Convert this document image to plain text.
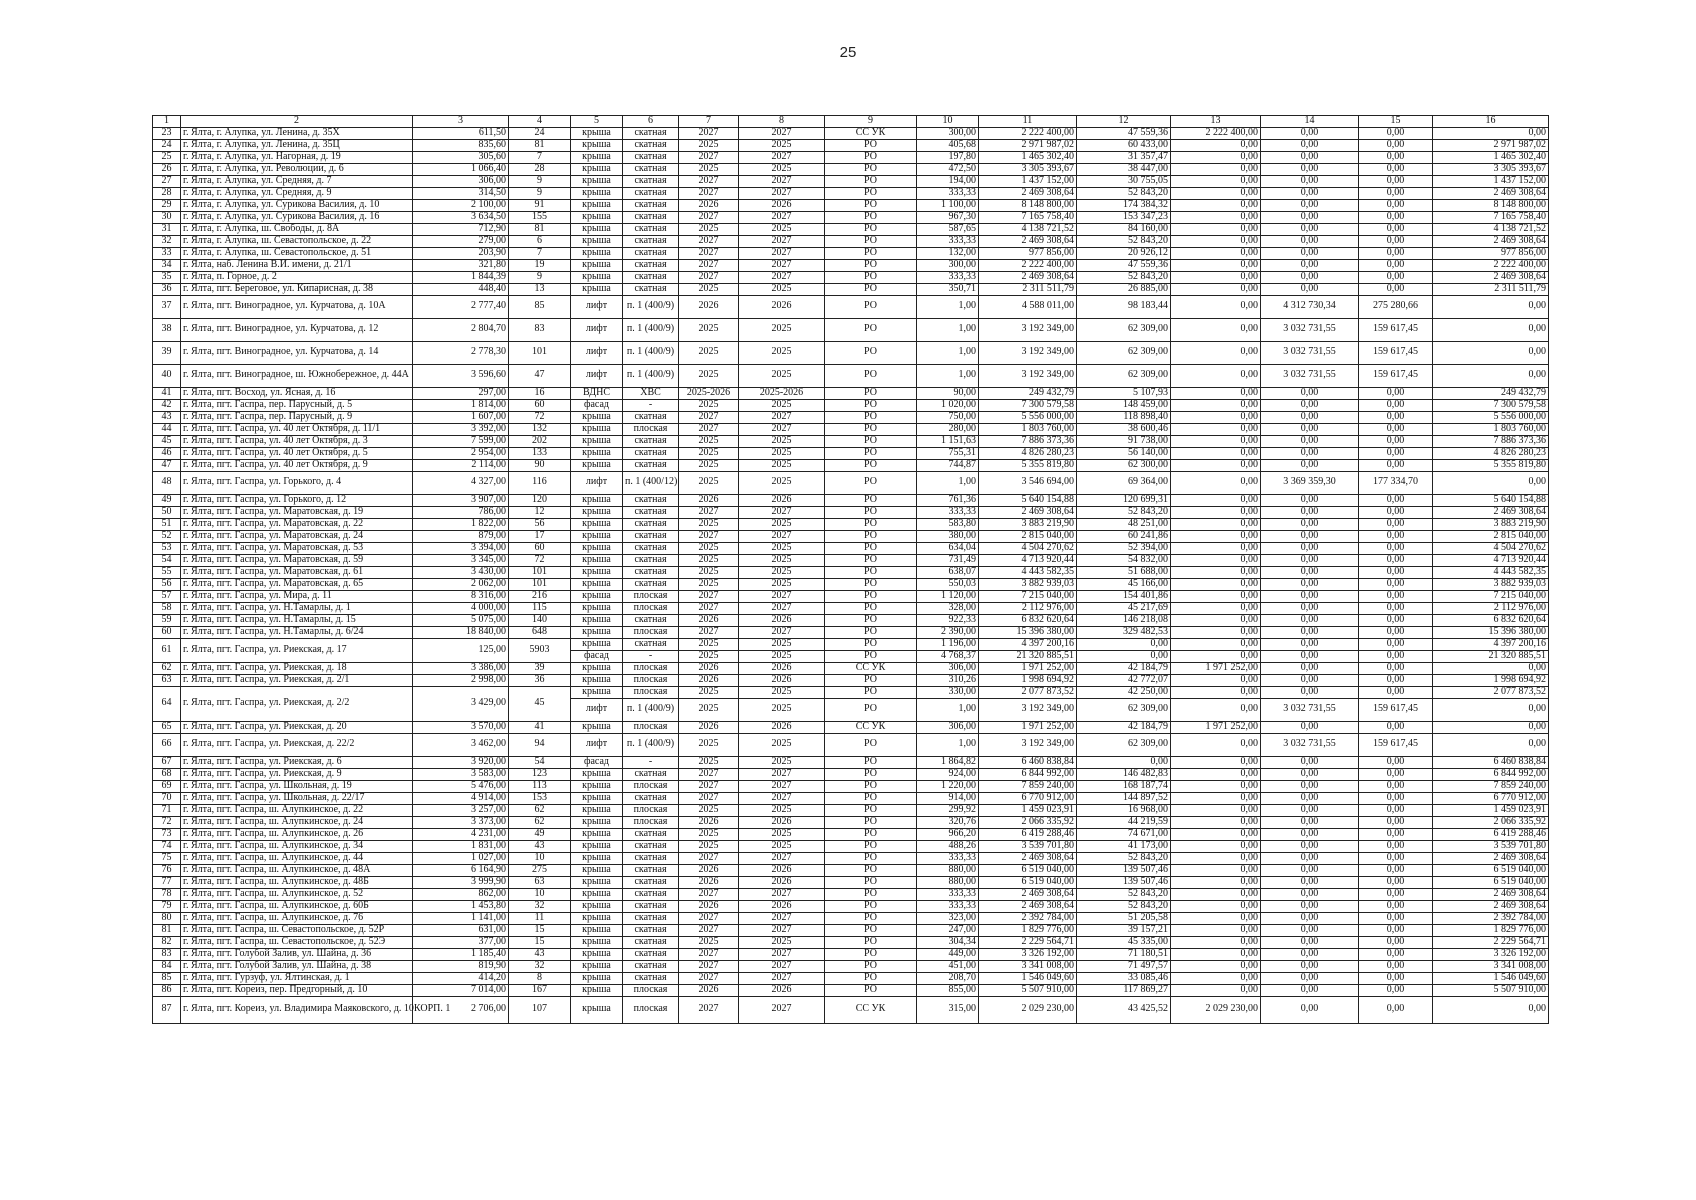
25
1	2	3	4	5	6	7	8	9	10	11	12	13	14	15	16
23	г. Ялта, г. Алупка, ул. Ленина, д. 35Х	611,50	24	крыша	скатная	2027	2027	СС УК	300,00	2 222 400,00	47 559,36	2 222 400,00	0,00	0,00	0,00
24	г. Ялта, г. Алупка, ул. Ленина, д. 35Ц	835,60	81	крыша	скатная	2025	2025	РО	405,68	2 971 987,02	60 433,00	0,00	0,00	0,00	2 971 987,02
25	г. Ялта, г. Алупка, ул. Нагорная, д. 19	305,60	7	крыша	скатная	2027	2027	РО	197,80	1 465 302,40	31 357,47	0,00	0,00	0,00	1 465 302,40
26	г. Ялта, г. Алупка, ул. Революции, д. 6	1 066,40	28	крыша	скатная	2025	2025	РО	472,50	3 305 393,67	38 447,00	0,00	0,00	0,00	3 305 393,67
27	г. Ялта, г. Алупка, ул. Средняя, д. 7	306,00	9	крыша	скатная	2027	2027	РО	194,00	1 437 152,00	30 755,05	0,00	0,00	0,00	1 437 152,00
28	г. Ялта, г. Алупка, ул. Средняя, д. 9	314,50	9	крыша	скатная	2027	2027	РО	333,33	2 469 308,64	52 843,20	0,00	0,00	0,00	2 469 308,64
29	г. Ялта, г. Алупка, ул. Сурикова Василия, д. 10	2 100,00	91	крыша	скатная	2026	2026	РО	1 100,00	8 148 800,00	174 384,32	0,00	0,00	0,00	8 148 800,00
30	г. Ялта, г. Алупка, ул. Сурикова Василия, д. 16	3 634,50	155	крыша	скатная	2027	2027	РО	967,30	7 165 758,40	153 347,23	0,00	0,00	0,00	7 165 758,40
31	г. Ялта, г. Алупка, ш. Свободы, д. 8А	712,90	81	крыша	скатная	2025	2025	РО	587,65	4 138 721,52	84 160,00	0,00	0,00	0,00	4 138 721,52
32	г. Ялта, г. Алупка, ш. Севастопольское, д. 22	279,00	6	крыша	скатная	2027	2027	РО	333,33	2 469 308,64	52 843,20	0,00	0,00	0,00	2 469 308,64
33	г. Ялта, г. Алупка, ш. Севастопольское, д. 51	203,90	7	крыша	скатная	2027	2027	РО	132,00	977 856,00	20 926,12	0,00	0,00	0,00	977 856,00
34	г. Ялта, наб. Ленина В.И. имени, д. 21/1	321,80	19	крыша	скатная	2027	2027	РО	300,00	2 222 400,00	47 559,36	0,00	0,00	0,00	2 222 400,00
35	г. Ялта, п. Горное, д. 2	1 844,39	9	крыша	скатная	2027	2027	РО	333,33	2 469 308,64	52 843,20	0,00	0,00	0,00	2 469 308,64
36	г. Ялта, пгт. Береговое, ул. Кипарисная, д. 38	448,40	13	крыша	скатная	2025	2025	РО	350,71	2 311 511,79	26 885,00	0,00	0,00	0,00	2 311 511,79
37	г. Ялта, пгт. Виноградное, ул. Курчатова, д. 10А	2 777,40	85	лифт	п. 1 (400/9)	2026	2026	РО	1,00	4 588 011,00	98 183,44	0,00	4 312 730,34	275 280,66	0,00
38	г. Ялта, пгт. Виноградное, ул. Курчатова, д. 12	2 804,70	83	лифт	п. 1 (400/9)	2025	2025	РО	1,00	3 192 349,00	62 309,00	0,00	3 032 731,55	159 617,45	0,00
39	г. Ялта, пгт. Виноградное, ул. Курчатова, д. 14	2 778,30	101	лифт	п. 1 (400/9)	2025	2025	РО	1,00	3 192 349,00	62 309,00	0,00	3 032 731,55	159 617,45	0,00
40	г. Ялта, пгт. Виноградное, ш. Южнобережное, д. 44А	3 596,60	47	лифт	п. 1 (400/9)	2025	2025	РО	1,00	3 192 349,00	62 309,00	0,00	3 032 731,55	159 617,45	0,00
41	г. Ялта, пгт. Восход, ул. Ясная, д. 16	297,00	16	ВДНС	ХВС	2025-2026	2025-2026	РО	90,00	249 432,79	5 107,93	0,00	0,00	0,00	249 432,79
42	г. Ялта, пгт. Гаспра, пер. Парусный, д. 5	1 814,00	60	фасад	-	2025	2025	РО	1 020,00	7 300 579,58	148 459,00	0,00	0,00	0,00	7 300 579,58
43	г. Ялта, пгт. Гаспра, пер. Парусный, д. 9	1 607,00	72	крыша	скатная	2027	2027	РО	750,00	5 556 000,00	118 898,40	0,00	0,00	0,00	5 556 000,00
44	г. Ялта, пгт. Гаспра, ул. 40 лет Октября, д. 11/1	3 392,00	132	крыша	плоская	2027	2027	РО	280,00	1 803 760,00	38 600,46	0,00	0,00	0,00	1 803 760,00
45	г. Ялта, пгт. Гаспра, ул. 40 лет Октября, д. 3	7 599,00	202	крыша	скатная	2025	2025	РО	1 151,63	7 886 373,36	91 738,00	0,00	0,00	0,00	7 886 373,36
46	г. Ялта, пгт. Гаспра, ул. 40 лет Октября, д. 5	2 954,00	133	крыша	скатная	2025	2025	РО	755,31	4 826 280,23	56 140,00	0,00	0,00	0,00	4 826 280,23
47	г. Ялта, пгт. Гаспра, ул. 40 лет Октября, д. 9	2 114,00	90	крыша	скатная	2025	2025	РО	744,87	5 355 819,80	62 300,00	0,00	0,00	0,00	5 355 819,80
48	г. Ялта, пгт. Гаспра, ул. Горького, д. 4	4 327,00	116	лифт	п. 1 (400/12)	2025	2025	РО	1,00	3 546 694,00	69 364,00	0,00	3 369 359,30	177 334,70	0,00
49	г. Ялта, пгт. Гаспра, ул. Горького, д. 12	3 907,00	120	крыша	скатная	2026	2026	РО	761,36	5 640 154,88	120 699,31	0,00	0,00	0,00	5 640 154,88
50	г. Ялта, пгт. Гаспра, ул. Маратовская, д. 19	786,00	12	крыша	скатная	2027	2027	РО	333,33	2 469 308,64	52 843,20	0,00	0,00	0,00	2 469 308,64
51	г. Ялта, пгт. Гаспра, ул. Маратовская, д. 22	1 822,00	56	крыша	скатная	2025	2025	РО	583,80	3 883 219,90	48 251,00	0,00	0,00	0,00	3 883 219,90
52	г. Ялта, пгт. Гаспра, ул. Маратовская, д. 24	879,00	17	крыша	скатная	2027	2027	РО	380,00	2 815 040,00	60 241,86	0,00	0,00	0,00	2 815 040,00
53	г. Ялта, пгт. Гаспра, ул. Маратовская, д. 53	3 394,00	60	крыша	скатная	2025	2025	РО	634,04	4 504 270,62	52 394,00	0,00	0,00	0,00	4 504 270,62
54	г. Ялта, пгт. Гаспра, ул. Маратовская, д. 59	3 345,00	72	крыша	скатная	2025	2025	РО	731,49	4 713 920,44	54 832,00	0,00	0,00	0,00	4 713 920,44
55	г. Ялта, пгт. Гаспра, ул. Маратовская, д. 61	3 430,00	101	крыша	скатная	2025	2025	РО	638,07	4 443 582,35	51 688,00	0,00	0,00	0,00	4 443 582,35
56	г. Ялта, пгт. Гаспра, ул. Маратовская, д. 65	2 062,00	101	крыша	скатная	2025	2025	РО	550,03	3 882 939,03	45 166,00	0,00	0,00	0,00	3 882 939,03
57	г. Ялта, пгт. Гаспра, ул. Мира, д. 11	8 316,00	216	крыша	плоская	2027	2027	РО	1 120,00	7 215 040,00	154 401,86	0,00	0,00	0,00	7 215 040,00
58	г. Ялта, пгт. Гаспра, ул. Н.Тамарлы, д. 1	4 000,00	115	крыша	плоская	2027	2027	РО	328,00	2 112 976,00	45 217,69	0,00	0,00	0,00	2 112 976,00
59	г. Ялта, пгт. Гаспра, ул. Н.Тамарлы, д. 15	5 075,00	140	крыша	скатная	2026	2026	РО	922,33	6 832 620,64	146 218,08	0,00	0,00	0,00	6 832 620,64
60	г. Ялта, пгт. Гаспра, ул. Н.Тамарлы, д. 6/24	18 840,00	648	крыша	плоская	2027	2027	РО	2 390,00	15 396 380,00	329 482,53	0,00	0,00	0,00	15 396 380,00
61	г. Ялта, пгт. Гаспра, ул. Риекская, д. 17	125,00	5903	крыша	скатная	2025	2025	РО	1 196,00	4 397 200,16	0,00	0,00	0,00	0,00	4 397 200,16
				фасад	-	2025	2025	РО	4 768,37	21 320 885,51	0,00	0,00	0,00	0,00	21 320 885,51
62	г. Ялта, пгт. Гаспра, ул. Риекская, д. 18	3 386,00	39	крыша	плоская	2026	2026	СС УК	306,00	1 971 252,00	42 184,79	1 971 252,00	0,00	0,00	0,00
63	г. Ялта, пгт. Гаспра, ул. Риекская, д. 2/1	2 998,00	36	крыша	плоская	2026	2026	РО	310,26	1 998 694,92	42 772,07	0,00	0,00	0,00	1 998 694,92
64	г. Ялта, пгт. Гаспра, ул. Риекская, д. 2/2	3 429,00	45	крыша	плоская	2025	2025	РО	330,00	2 077 873,52	42 250,00	0,00	0,00	0,00	2 077 873,52
				лифт	п. 1 (400/9)	2025	2025	РО	1,00	3 192 349,00	62 309,00	0,00	3 032 731,55	159 617,45	0,00
65	г. Ялта, пгт. Гаспра, ул. Риекская, д. 20	3 570,00	41	крыша	плоская	2026	2026	СС УК	306,00	1 971 252,00	42 184,79	1 971 252,00	0,00	0,00	0,00
66	г. Ялта, пгт. Гаспра, ул. Риекская, д. 22/2	3 462,00	94	лифт	п. 1 (400/9)	2025	2025	РО	1,00	3 192 349,00	62 309,00	0,00	3 032 731,55	159 617,45	0,00
67	г. Ялта, пгт. Гаспра, ул. Риекская, д. 6	3 920,00	54	фасад	-	2025	2025	РО	1 864,82	6 460 838,84	0,00	0,00	0,00	0,00	6 460 838,84
68	г. Ялта, пгт. Гаспра, ул. Риекская, д. 9	3 583,00	123	крыша	скатная	2027	2027	РО	924,00	6 844 992,00	146 482,83	0,00	0,00	0,00	6 844 992,00
69	г. Ялта, пгт. Гаспра, ул. Школьная, д. 19	5 476,00	113	крыша	плоская	2027	2027	РО	1 220,00	7 859 240,00	168 187,74	0,00	0,00	0,00	7 859 240,00
70	г. Ялта, пгт. Гаспра, ул. Школьная, д. 22/17	4 914,00	153	крыша	скатная	2027	2027	РО	914,00	6 770 912,00	144 897,52	0,00	0,00	0,00	6 770 912,00
71	г. Ялта, пгт. Гаспра, ш. Алупкинское, д. 22	3 257,00	62	крыша	плоская	2025	2025	РО	299,92	1 459 023,91	16 968,00	0,00	0,00	0,00	1 459 023,91
72	г. Ялта, пгт. Гаспра, ш. Алупкинское, д. 24	3 373,00	62	крыша	плоская	2026	2026	РО	320,76	2 066 335,92	44 219,59	0,00	0,00	0,00	2 066 335,92
73	г. Ялта, пгт. Гаспра, ш. Алупкинское, д. 26	4 231,00	49	крыша	скатная	2025	2025	РО	966,20	6 419 288,46	74 671,00	0,00	0,00	0,00	6 419 288,46
74	г. Ялта, пгт. Гаспра, ш. Алупкинское, д. 34	1 831,00	43	крыша	скатная	2025	2025	РО	488,26	3 539 701,80	41 173,00	0,00	0,00	0,00	3 539 701,80
75	г. Ялта, пгт. Гаспра, ш. Алупкинское, д. 44	1 027,00	10	крыша	скатная	2027	2027	РО	333,33	2 469 308,64	52 843,20	0,00	0,00	0,00	2 469 308,64
76	г. Ялта, пгт. Гаспра, ш. Алупкинское, д. 48А	6 164,90	275	крыша	скатная	2026	2026	РО	880,00	6 519 040,00	139 507,46	0,00	0,00	0,00	6 519 040,00
77	г. Ялта, пгт. Гаспра, ш. Алупкинское, д. 48Б	3 999,90	63	крыша	скатная	2026	2026	РО	880,00	6 519 040,00	139 507,46	0,00	0,00	0,00	6 519 040,00
78	г. Ялта, пгт. Гаспра, ш. Алупкинское, д. 52	862,00	10	крыша	скатная	2027	2027	РО	333,33	2 469 308,64	52 843,20	0,00	0,00	0,00	2 469 308,64
79	г. Ялта, пгт. Гаспра, ш. Алупкинское, д. 60Б	1 453,80	32	крыша	скатная	2026	2026	РО	333,33	2 469 308,64	52 843,20	0,00	0,00	0,00	2 469 308,64
80	г. Ялта, пгт. Гаспра, ш. Алупкинское, д. 76	1 141,00	11	крыша	скатная	2027	2027	РО	323,00	2 392 784,00	51 205,58	0,00	0,00	0,00	2 392 784,00
81	г. Ялта, пгт. Гаспра, ш. Севастопольское, д. 52Р	631,00	15	крыша	скатная	2027	2027	РО	247,00	1 829 776,00	39 157,21	0,00	0,00	0,00	1 829 776,00
82	г. Ялта, пгт. Гаспра, ш. Севастопольское, д. 52Э	377,00	15	крыша	скатная	2025	2025	РО	304,34	2 229 564,71	45 335,00	0,00	0,00	0,00	2 229 564,71
83	г. Ялта, пгт. Голубой Залив, ул. Шайна, д. 36	1 185,40	43	крыша	скатная	2027	2027	РО	449,00	3 326 192,00	71 180,51	0,00	0,00	0,00	3 326 192,00
84	г. Ялта, пгт. Голубой Залив, ул. Шайна, д. 38	819,90	32	крыша	скатная	2027	2027	РО	451,00	3 341 008,00	71 497,57	0,00	0,00	0,00	3 341 008,00
85	г. Ялта, пгт. Гурзуф, ул. Ялтинская, д. 1	414,20	8	крыша	скатная	2027	2027	РО	208,70	1 546 049,60	33 085,46	0,00	0,00	0,00	1 546 049,60
86	г. Ялта, пгт. Кореиз, пер. Предгорный, д. 10	7 014,00	167	крыша	плоская	2026	2026	РО	855,00	5 507 910,00	117 869,27	0,00	0,00	0,00	5 507 910,00
87	г. Ялта, пгт. Кореиз, ул. Владимира Маяковского, д. 10КОРП. 1	2 706,00	107	крыша	плоская	2027	2027	СС УК	315,00	2 029 230,00	43 425,52	2 029 230,00	0,00	0,00	0,00
